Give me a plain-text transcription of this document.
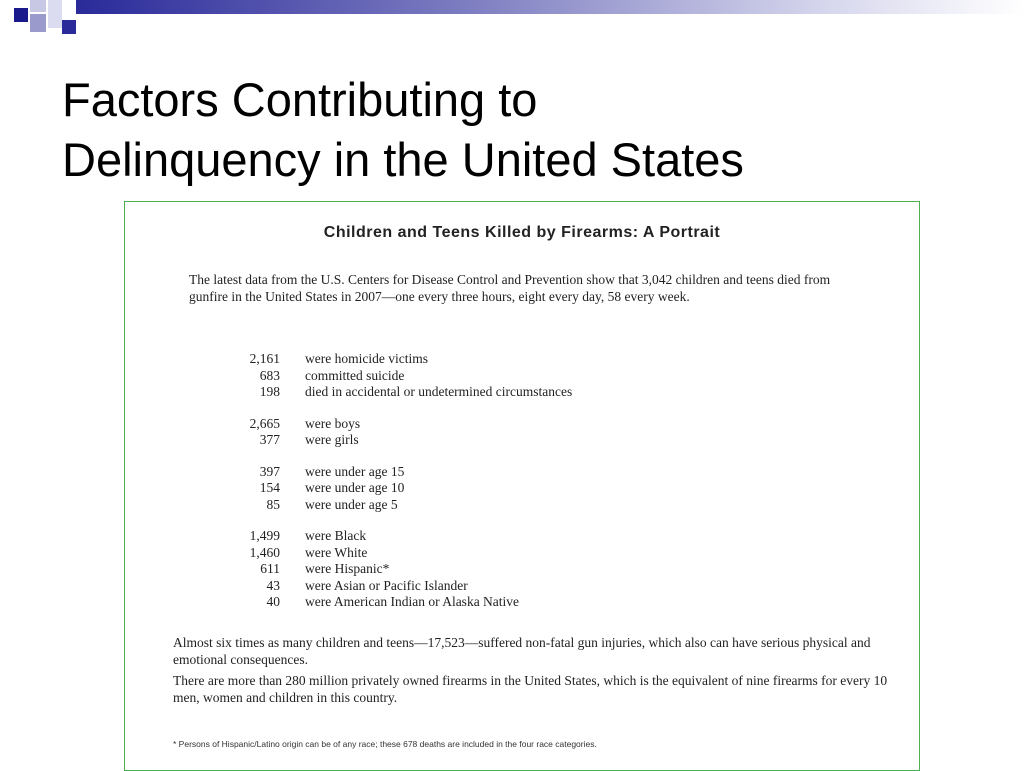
Factors Contributing to
Delinquency in the United States
Children and Teens Killed by Firearms: A Portrait
The latest data from the U.S. Centers for Disease Control and Prevention show that 3,042 children and teens died from gunfire in the United States in 2007—one every three hours, eight every day, 58 every week.
2,161	were homicide victims
683	committed suicide
198	died in accidental or undetermined circumstances
2,665	were boys
377	were girls
397	were under age 15
154	were under age 10
85	were under age 5
1,499	were Black
1,460	were White
611	were Hispanic*
43	were Asian or Pacific Islander
40	were American Indian or Alaska Native
Almost six times as many children and teens—17,523—suffered non-fatal gun injuries, which also can have serious physical and emotional consequences.
There are more than 280 million privately owned firearms in the United States, which is the equivalent of nine firearms for every 10 men, women and children in this country.
* Persons of Hispanic/Latino origin can be of any race; these 678 deaths are included in the four race categories.
